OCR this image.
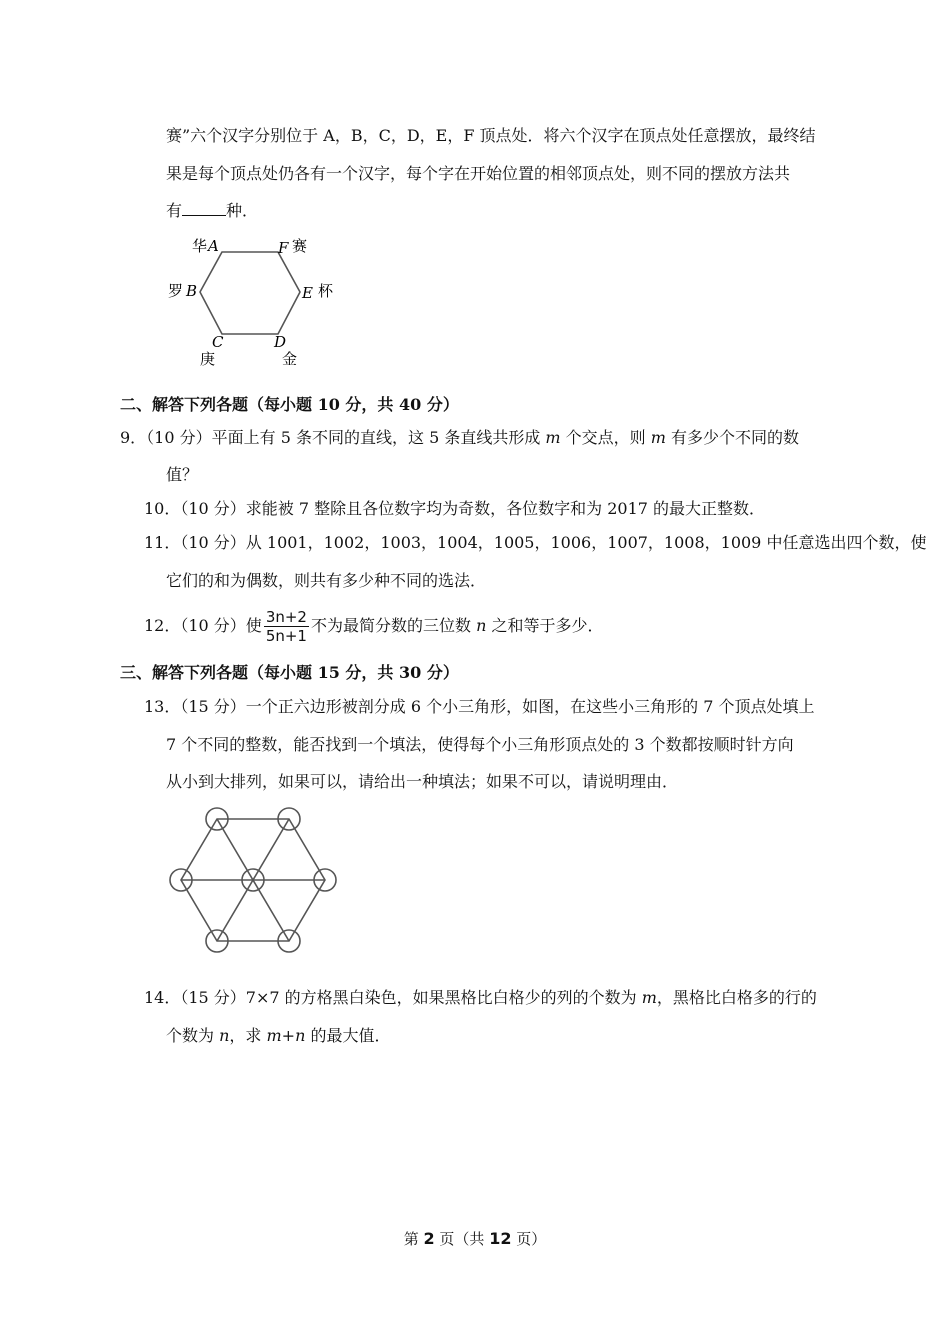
赛”六个汉字分别位于 A，B，C，D，E，F 顶点处．将六个汉字在顶点处任意摆放，最终结
果是每个顶点处仍各有一个汉字，每个字在开始位置的相邻顶点处，则不同的摆放方法共
有	种．
华 A	F 赛
罗 B	E 杯
C
庚
D
金
二、解答下列各题（每小题 10 分，共 40 分）
9．（10 分）平面上有 5 条不同的直线，这 5 条直线共形成 m 个交点，则 m 有多少个不同的数
值？
10．（10 分）求能被 7 整除且各位数字均为奇数，各位数字和为 2017 的最大正整数．
11．（10 分）从 1001，1002，1003，1004，1005，1006，1007，1008，1009 中任意选出四个数，使
它们的和为偶数，则共有多少种不同的选法．
12．（10 分）使 $\frac{3n+2}{5n+1}$ 不为最简分数的三位数 n 之和等于多少．
三、解答下列各题（每小题 15 分，共 30 分）
13．（15 分）一个正六边形被剖分成 6 个小三角形，如图，在这些小三角形的 7 个顶点处填上
7 个不同的整数，能否找到一个填法，使得每个小三角形顶点处的 3 个数都按顺时针方向
从小到大排列，如果可以，请给出一种填法；如果不可以，请说明理由．
14．（15 分）7×7 的方格黑白染色，如果黑格比白格少的列的个数为 m，黑格比白格多的行的
个数为 n，求 m+n 的最大值．
第 2 页（共 12 页）
